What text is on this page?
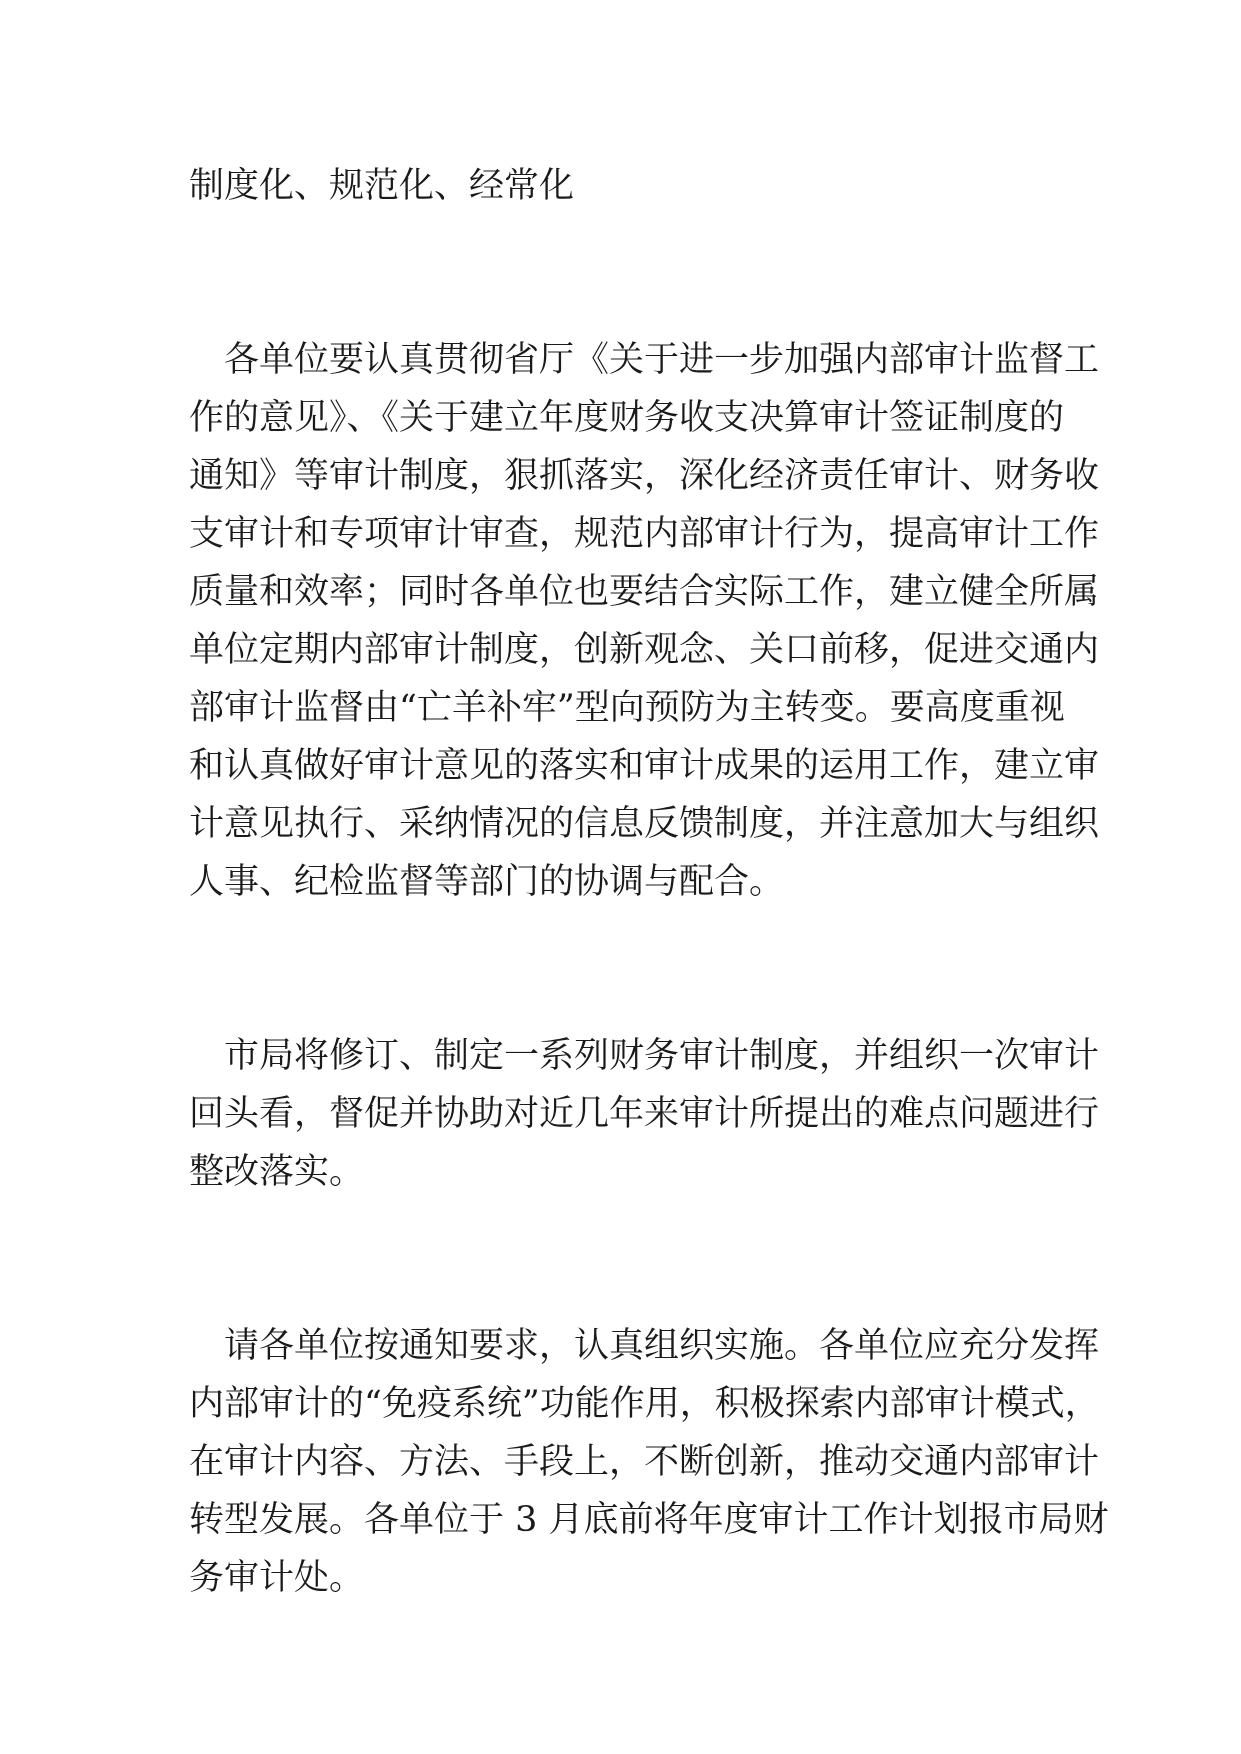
制度化、规范化、经常化

各单位要认真贯彻省厅《关于进一步加强内部审计监督工
作的意见》、《关于建立年度财务收支决算审计签证制度的
通知》等审计制度，狠抓落实，深化经济责任审计、财务收
支审计和专项审计审查，规范内部审计行为，提高审计工作
质量和效率；同时各单位也要结合实际工作，建立健全所属
单位定期内部审计制度，创新观念、关口前移，促进交通内
部审计监督由“亡羊补牢”型向预防为主转变。要高度重视
和认真做好审计意见的落实和审计成果的运用工作，建立审
计意见执行、采纳情况的信息反馈制度，并注意加大与组织
人事、纪检监督等部门的协调与配合。

市局将修订、制定一系列财务审计制度，并组织一次审计
回头看，督促并协助对近几年来审计所提出的难点问题进行
整改落实。

请各单位按通知要求，认真组织实施。各单位应充分发挥
内部审计的“免疫系统”功能作用，积极探索内部审计模式，
在审计内容、方法、手段上，不断创新，推动交通内部审计
转型发展。各单位于 3 月底前将年度审计工作计划报市局财
务审计处。
